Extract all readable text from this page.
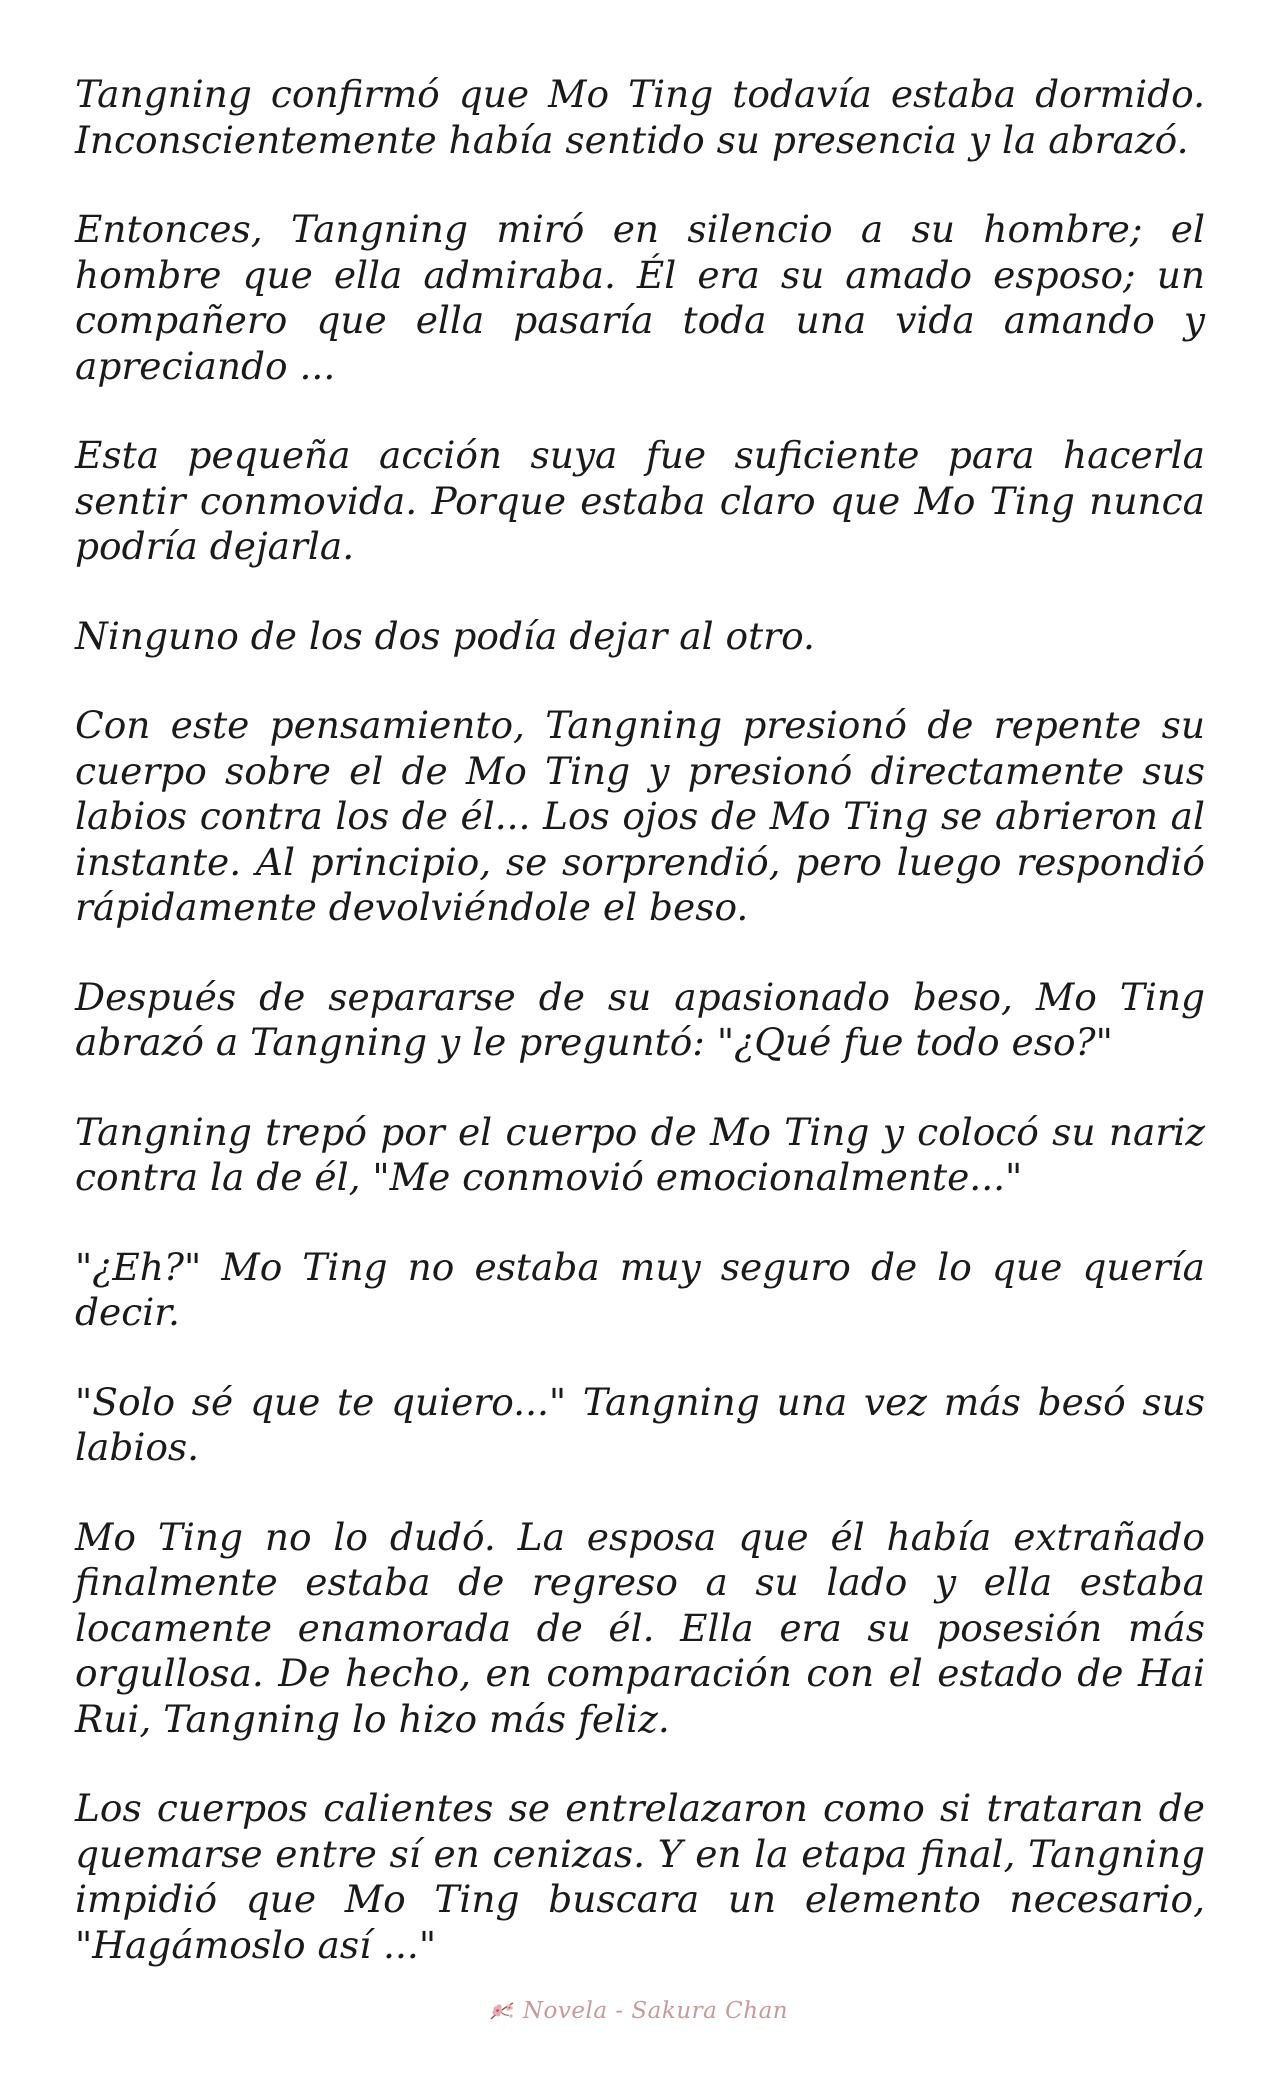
Tangning confirmó que Mo Ting todavía estaba dormido. Inconscientemente había sentido su presencia y la abrazó.

Entonces, Tangning miró en silencio a su hombre; el hombre que ella admiraba. Él era su amado esposo; un compañero que ella pasaría toda una vida amando y apreciando ...

Esta pequeña acción suya fue suficiente para hacerla sentir conmovida. Porque estaba claro que Mo Ting nunca podría dejarla.

Ninguno de los dos podía dejar al otro.

Con este pensamiento, Tangning presionó de repente su cuerpo sobre el de Mo Ting y presionó directamente sus labios contra los de él... Los ojos de Mo Ting se abrieron al instante. Al principio, se sorprendió, pero luego respondió rápidamente devolviéndole el beso.

Después de separarse de su apasionado beso, Mo Ting abrazó a Tangning y le preguntó: "¿Qué fue todo eso?"

Tangning trepó por el cuerpo de Mo Ting y colocó su nariz contra la de él, "Me conmovió emocionalmente..."

"¿Eh?" Mo Ting no estaba muy seguro de lo que quería decir.

"Solo sé que te quiero..." Tangning una vez más besó sus labios.

Mo Ting no lo dudó. La esposa que él había extrañado finalmente estaba de regreso a su lado y ella estaba locamente enamorada de él. Ella era su posesión más orgullosa. De hecho, en comparación con el estado de Hai Rui, Tangning lo hizo más feliz.

Los cuerpos calientes se entrelazaron como si trataran de quemarse entre sí en cenizas. Y en la etapa final, Tangning impidió que Mo Ting buscara un elemento necesario, "Hagámoslo así ..."

Novela - Sakura Chan
